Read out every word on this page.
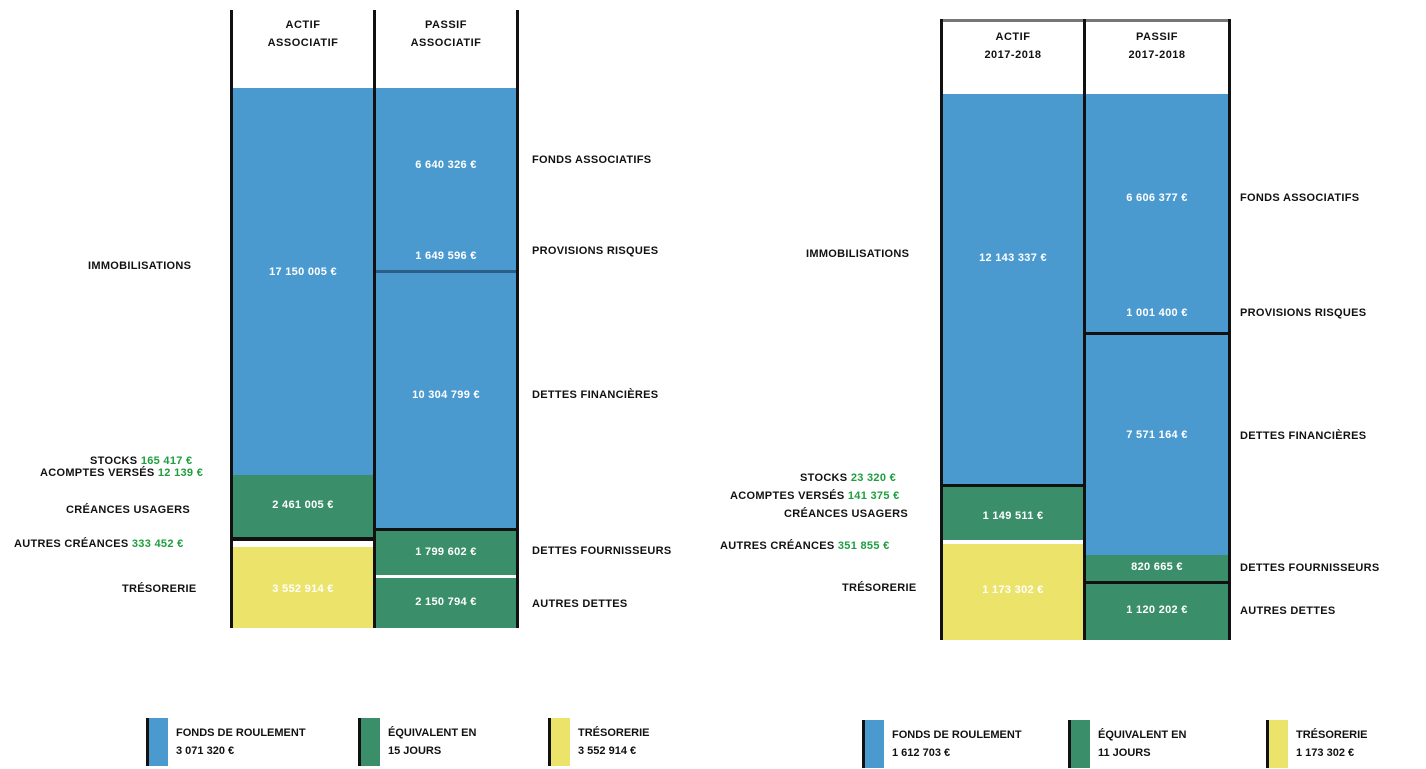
ACTIF
ASSOCIATIF
17 150 005 €
2 461 005 €
3 552 914 €
PASSIF
ASSOCIATIF
6 640 326 €
1 649 596 €
10 304 799 €
1 799 602 €
2 150 794 €
IMMOBILISATIONS
STOCKS 165 417 €
ACOMPTES VERSÉS 12 139 €
CRÉANCES USAGERS
AUTRES CRÉANCES 333 452 €
TRÉSORERIE
FONDS ASSOCIATIFS
PROVISIONS RISQUES
DETTES FINANCIÈRES
DETTES FOURNISSEURS
AUTRES DETTES
FONDS DE ROULEMENT
3 071 320 €
ÉQUIVALENT EN
15 JOURS
TRÉSORERIE
3 552 914 €
ACTIF
2017-2018
12 143 337 €
1 149 511 €
1 173 302 €
PASSIF
2017-2018
6 606 377 €
1 001 400 €
7 571 164 €
820 665 €
1 120 202 €
IMMOBILISATIONS
STOCKS 23 320 €
ACOMPTES VERSÉS 141 375 €
CRÉANCES USAGERS
AUTRES CRÉANCES 351 855 €
TRÉSORERIE
FONDS ASSOCIATIFS
PROVISIONS RISQUES
DETTES FINANCIÈRES
DETTES FOURNISSEURS
AUTRES DETTES
FONDS DE ROULEMENT
1 612 703 €
ÉQUIVALENT EN
11 JOURS
TRÉSORERIE
1 173 302 €
